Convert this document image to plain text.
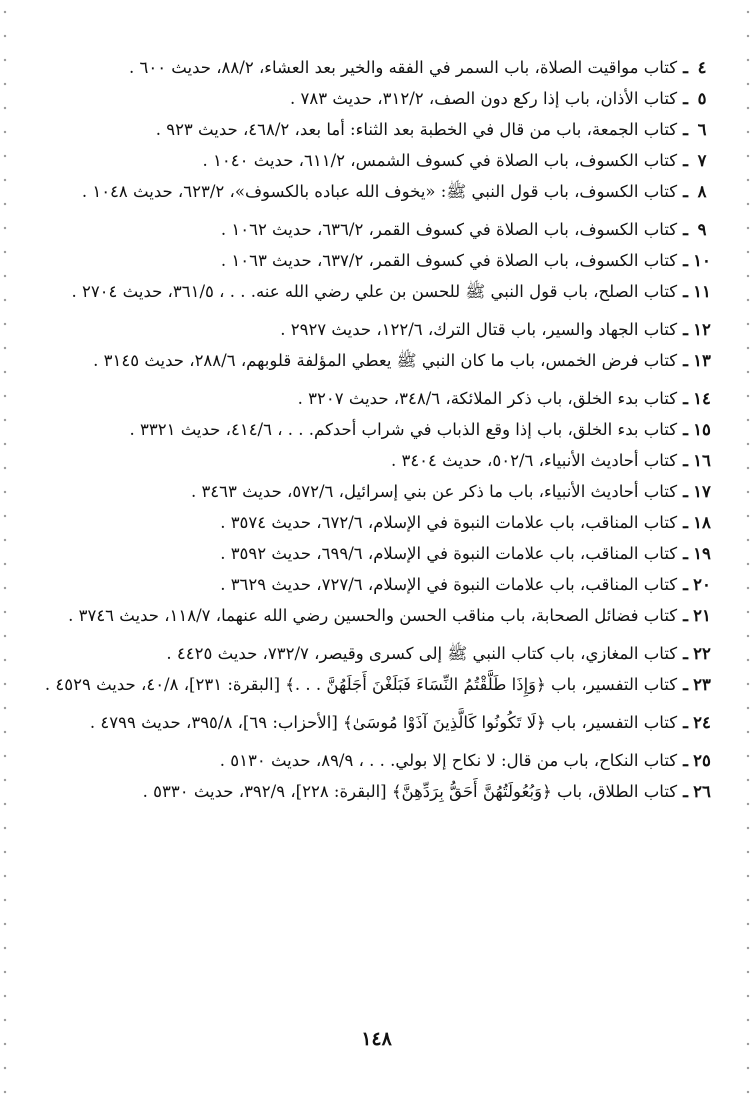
٤
ـ
كتاب مواقيت الصلاة، باب السمر في الفقه والخير بعد العشاء، ٨٨/٢، حديث ٦٠٠ .
٥
ـ
كتاب الأذان، باب إذا ركع دون الصف، ٣١٢/٢، حديث ٧٨٣ .
٦
ـ
كتاب الجمعة، باب من قال في الخطبة بعد الثناء: أما بعد، ٤٦٨/٢، حديث ٩٢٣ .
٧
ـ
كتاب الكسوف، باب الصلاة في كسوف الشمس، ٦١١/٢، حديث ١٠٤٠ .
٨
ـ
كتاب الكسوف، باب قول النبي ﷺ: «يخوف الله عباده بالكسوف»، ٦٢٣/٢، حديث ١٠٤٨ .
٩
ـ
كتاب الكسوف، باب الصلاة في كسوف القمر، ٦٣٦/٢، حديث ١٠٦٢ .
١٠
ـ
كتاب الكسوف، باب الصلاة في كسوف القمر، ٦٣٧/٢، حديث ١٠٦٣ .
١١
ـ
كتاب الصلح، باب قول النبي ﷺ للحسن بن علي رضي الله عنه. . . ، ٣٦١/٥، حديث ٢٧٠٤ .
١٢
ـ
كتاب الجهاد والسير، باب قتال الترك، ١٢٢/٦، حديث ٢٩٢٧ .
١٣
ـ
كتاب فرض الخمس، باب ما كان النبي ﷺ يعطي المؤلفة قلوبهم، ٢٨٨/٦، حديث ٣١٤٥ .
١٤
ـ
كتاب بدء الخلق، باب ذكر الملائكة، ٣٤٨/٦، حديث ٣٢٠٧ .
١٥
ـ
كتاب بدء الخلق، باب إذا وقع الذباب في شراب أحدكم. . . ، ٤١٤/٦، حديث ٣٣٢١ .
١٦
ـ
كتاب أحاديث الأنبياء، ٥٠٢/٦، حديث ٣٤٠٤ .
١٧
ـ
كتاب أحاديث الأنبياء، باب ما ذكر عن بني إسرائيل، ٥٧٢/٦، حديث ٣٤٦٣ .
١٨
ـ
كتاب المناقب، باب علامات النبوة في الإسلام، ٦٧٢/٦، حديث ٣٥٧٤ .
١٩
ـ
كتاب المناقب، باب علامات النبوة في الإسلام، ٦٩٩/٦، حديث ٣٥٩٢ .
٢٠
ـ
كتاب المناقب، باب علامات النبوة في الإسلام، ٧٢٧/٦، حديث ٣٦٢٩ .
٢١
ـ
كتاب فضائل الصحابة، باب مناقب الحسن والحسين رضي الله عنهما، ١١٨/٧، حديث ٣٧٤٦ .
٢٢
ـ
كتاب المغازي، باب كتاب النبي ﷺ إلى كسرى وقيصر، ٧٣٢/٧، حديث ٤٤٢٥ .
٢٣
ـ
كتاب التفسير، باب ﴿وَإِذَا طَلَّقْتُمُ النِّسَاءَ فَبَلَغْنَ أَجَلَهُنَّ . . .﴾ [البقرة: ٢٣١]، ٤٠/٨، حديث ٤٥٢٩ .
٢٤
ـ
كتاب التفسير، باب ﴿لَا تَكُونُوا كَالَّذِينَ آذَوْا مُوسَىٰ﴾ [الأحزاب: ٦٩]، ٣٩٥/٨، حديث ٤٧٩٩ .
٢٥
ـ
كتاب النكاح، باب من قال: لا نكاح إلا بولي. . . ، ٨٩/٩، حديث ٥١٣٠ .
٢٦
ـ
كتاب الطلاق، باب ﴿وَبُعُولَتُهُنَّ أَحَقُّ بِرَدِّهِنَّ﴾ [البقرة: ٢٢٨]، ٣٩٢/٩، حديث ٥٣٣٠ .
١٤٨
